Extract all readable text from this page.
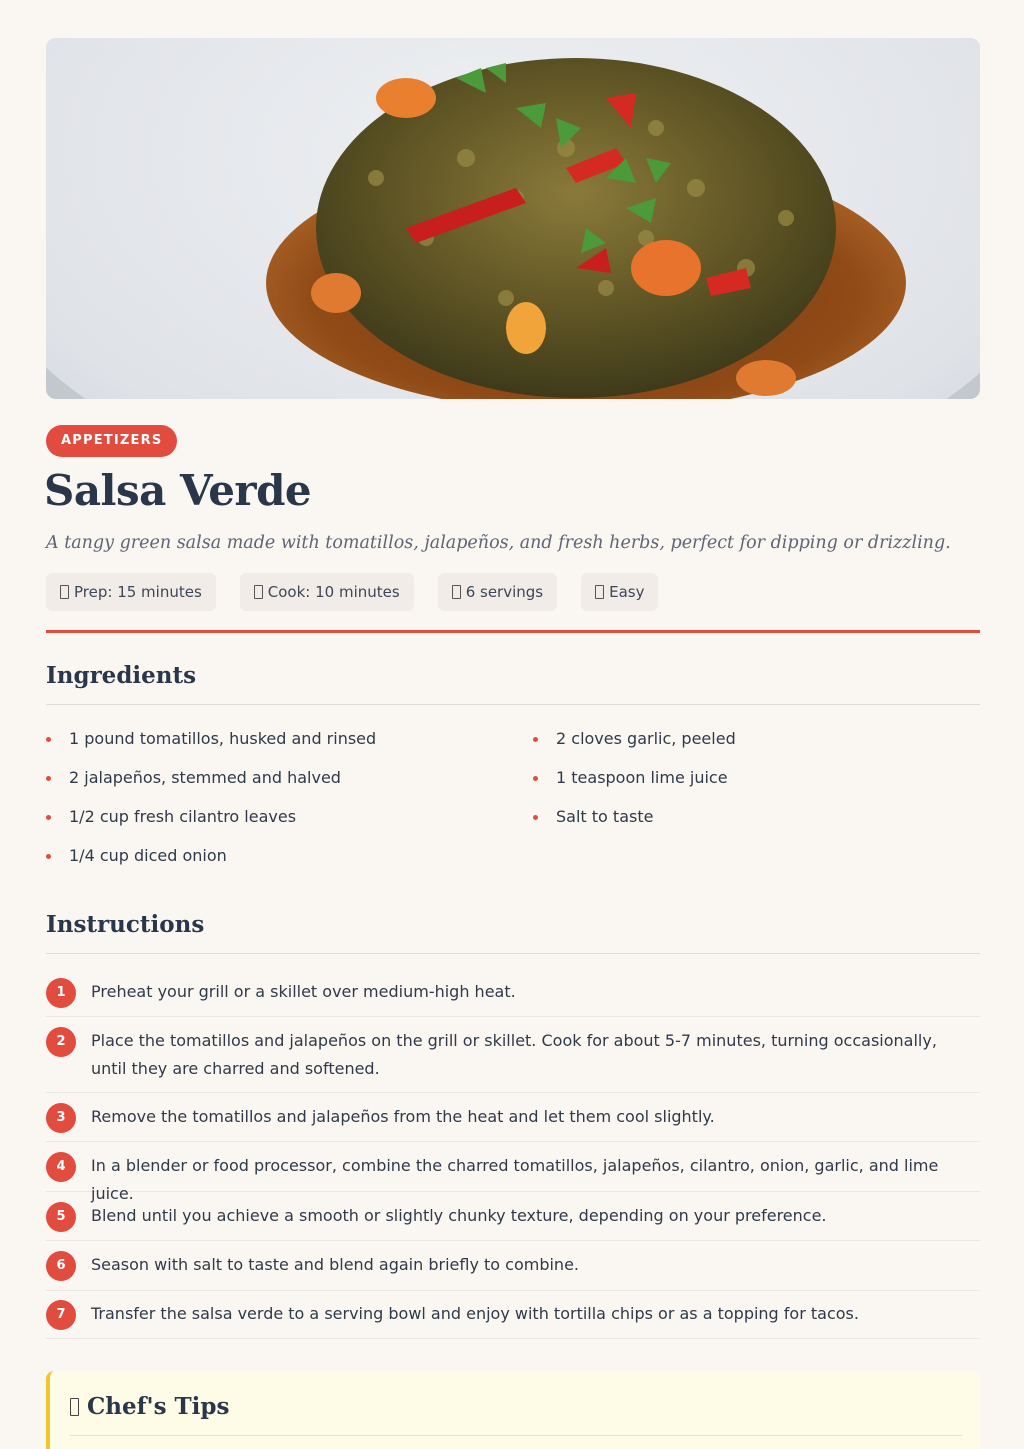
APPETIZERS
Salsa Verde

A tangy green salsa made with tomatillos, jalapeños, and fresh herbs, perfect for dipping or drizzling.

Prep: 15 minutes	Cook: 10 minutes	6 servings	Easy
Ingredients
1 pound tomatillos, husked and rinsed
2 jalapeños, stemmed and halved
1/2 cup fresh cilantro leaves
1/4 cup diced onion
2 cloves garlic, peeled
1 teaspoon lime juice
Salt to taste
Instructions
1	Preheat your grill or a skillet over medium-high heat.
2	Place the tomatillos and jalapeños on the grill or skillet. Cook for about 5-7 minutes, turning occasionally, until they are charred and softened.
3	Remove the tomatillos and jalapeños from the heat and let them cool slightly.
4	In a blender or food processor, combine the charred tomatillos, jalapeños, cilantro, onion, garlic, and lime juice.
5	Blend until you achieve a smooth or slightly chunky texture, depending on your preference.
6	Season with salt to taste and blend again briefly to combine.
7	Transfer the salsa verde to a serving bowl and enjoy with tortilla chips or as a topping for tacos.
Chef's Tips
